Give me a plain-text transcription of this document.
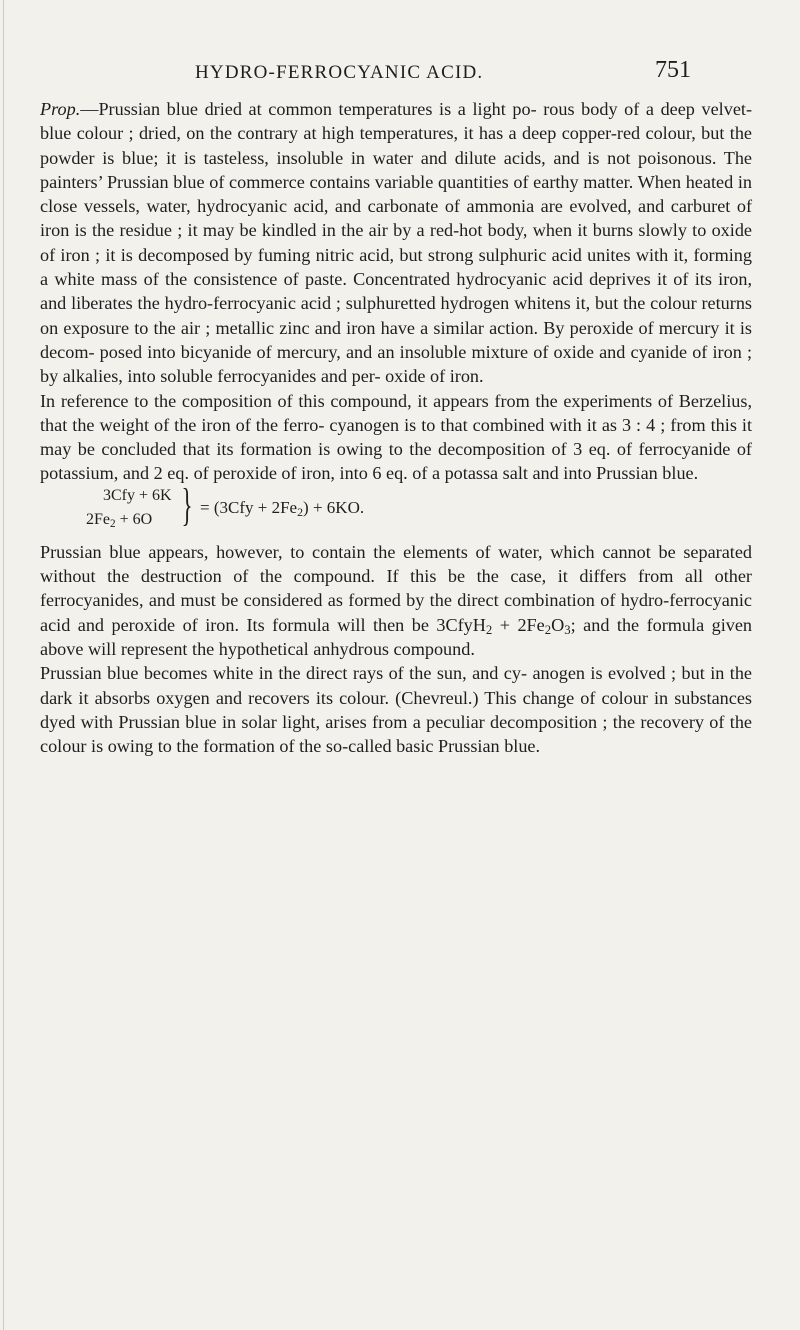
HYDRO-FERROCYANIC ACID.	751

Prop.—Prussian blue dried at common temperatures is a light po- rous body of a deep velvet-blue colour ; dried, on the contrary at high temperatures, it has a deep copper-red colour, but the powder is blue; it is tasteless, insoluble in water and dilute acids, and is not poisonous. The painters’ Prussian blue of commerce contains variable quantities of earthy matter. When heated in close vessels, water, hydrocyanic acid, and carbonate of ammonia are evolved, and carburet of iron is the residue ; it may be kindled in the air by a red-hot body, when it burns slowly to oxide of iron ; it is decomposed by fuming nitric acid, but strong sulphuric acid unites with it, forming a white mass of the consistence of paste. Concentrated hydrocyanic acid deprives it of its iron, and liberates the hydro-ferrocyanic acid ; sulphuretted hydrogen whitens it, but the colour returns on exposure to the air ; metallic zinc and iron have a similar action. By peroxide of mercury it is decom- posed into bicyanide of mercury, and an insoluble mixture of oxide and cyanide of iron ; by alkalies, into soluble ferrocyanides and per- oxide of iron.

In reference to the composition of this compound, it appears from the experiments of Berzelius, that the weight of the iron of the ferro- cyanogen is to that combined with it as 3 : 4 ; from this it may be concluded that its formation is owing to the decomposition of 3 eq. of ferrocyanide of potassium, and 2 eq. of peroxide of iron, into 6 eq. of a potassa salt and into Prussian blue.

3Cfy + 6K
$2Fe_2 + 6O$ } = $(3Cfy + 2Fe_2) + 6KO$.

Prussian blue appears, however, to contain the elements of water, which cannot be separated without the destruction of the compound. If this be the case, it differs from all other ferrocyanides, and must be considered as formed by the direct combination of hydro-ferrocyanic acid and peroxide of iron. Its formula will then be 3CfyH$_2$ + $2Fe_2O_3$; and the formula given above will represent the hypothetical anhydrous compound.

Prussian blue becomes white in the direct rays of the sun, and cy- anogen is evolved ; but in the dark it absorbs oxygen and recovers its colour. (Chevreul.) This change of colour in substances dyed with Prussian blue in solar light, arises from a peculiar decomposition ; the recovery of the colour is owing to the formation of the so-called basic Prussian blue.
